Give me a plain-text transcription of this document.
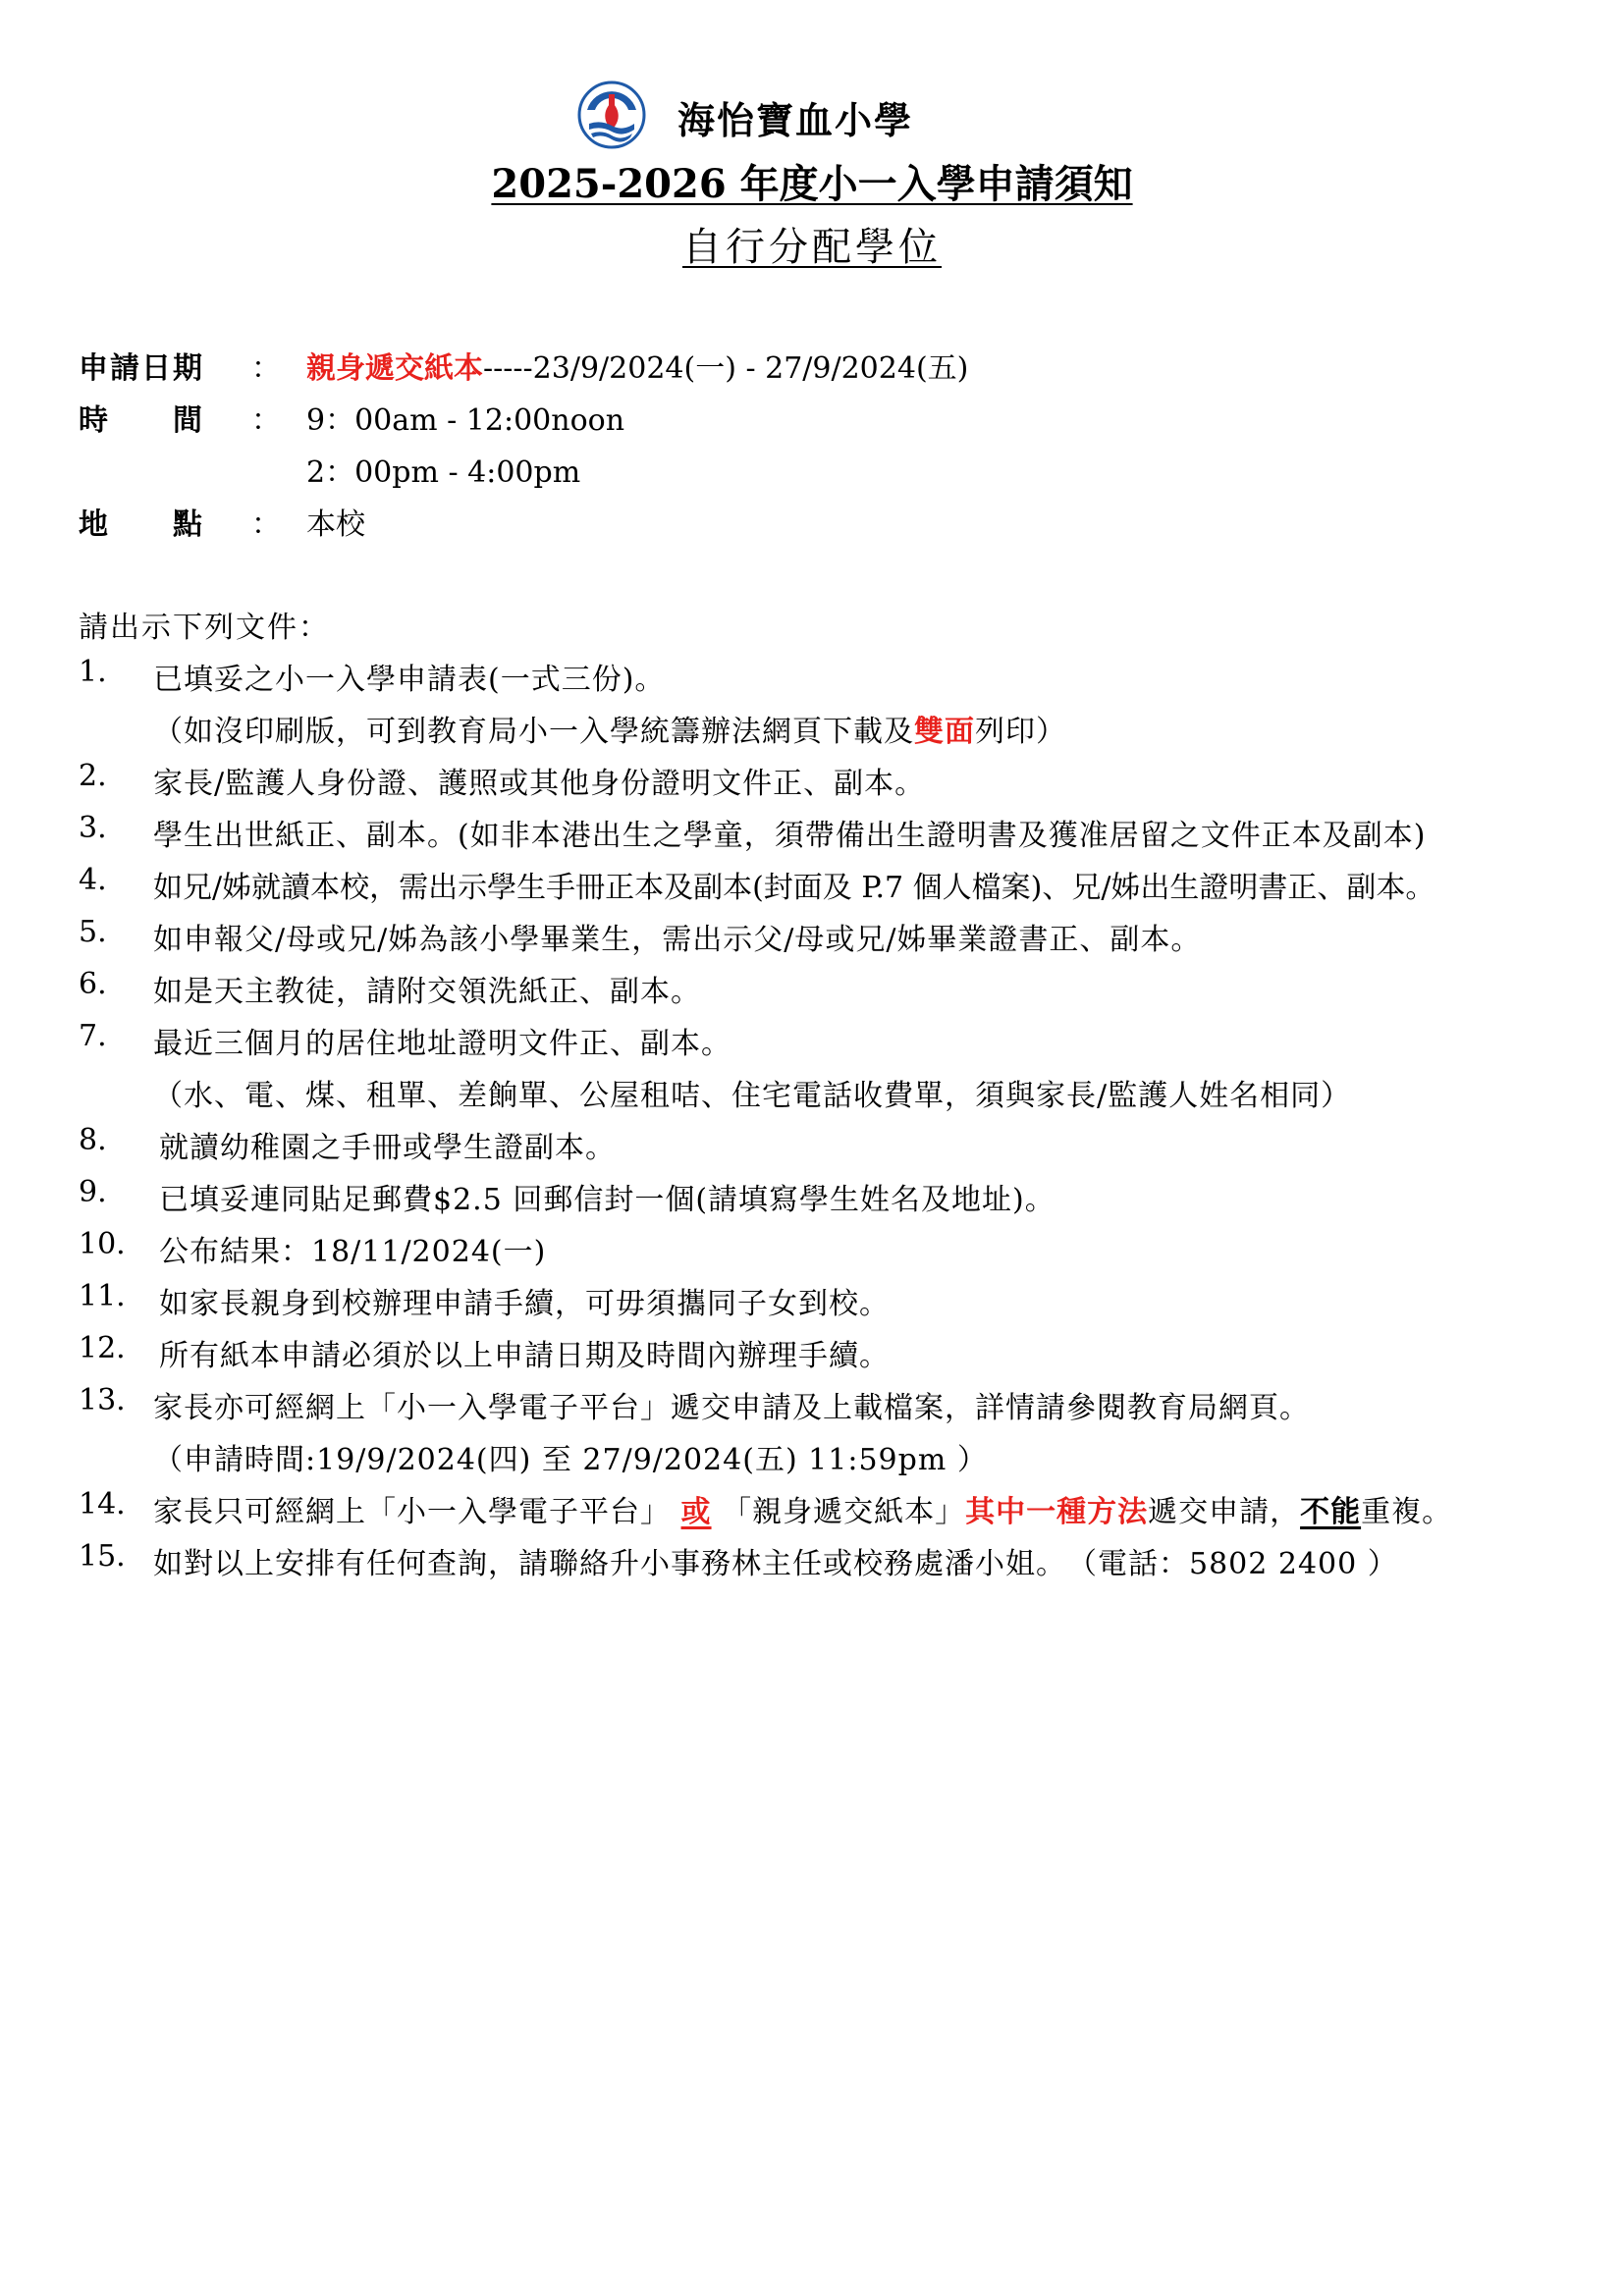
海怡寶血小學
2025-2026 年度小一入學申請須知
自行分配學位
申請日期 ： 親身遞交紙本-----23/9/2024(一) - 27/9/2024(五)
時　　間 ： 9：00am - 12:00noon
2：00pm - 4:00pm
地　　點 ： 本校
請出示下列文件：
1. 已填妥之小一入學申請表(一式三份)。
（如沒印刷版，可到教育局小一入學統籌辦法網頁下載及雙面列印）
2. 家長/監護人身份證、護照或其他身份證明文件正、副本。
3. 學生出世紙正、副本。(如非本港出生之學童，須帶備出生證明書及獲准居留之文件正本及副本)
4. 如兄/姊就讀本校，需出示學生手冊正本及副本(封面及 P.7 個人檔案)、兄/姊出生證明書正、副本。
5. 如申報父/母或兄/姊為該小學畢業生，需出示父/母或兄/姊畢業證書正、副本。
6. 如是天主教徒，請附交領洗紙正、副本。
7. 最近三個月的居住地址證明文件正、副本。
（水、電、煤、租單、差餉單、公屋租咭、住宅電話收費單，須與家長/監護人姓名相同）
8. 就讀幼稚園之手冊或學生證副本。
9. 已填妥連同貼足郵費$2.5 回郵信封一個(請填寫學生姓名及地址)。
10. 公布結果：18/11/2024(一)
11. 如家長親身到校辦理申請手續，可毋須攜同子女到校。
12. 所有紙本申請必須於以上申請日期及時間內辦理手續。
13. 家長亦可經網上「小一入學電子平台」遞交申請及上載檔案，詳情請參閱教育局網頁。
（申請時間:19/9/2024(四) 至 27/9/2024(五) 11:59pm ）
14. 家長只可經網上「小一入學電子平台」 或 「親身遞交紙本」其中一種方法遞交申請，不能重複。
15. 如對以上安排有任何查詢，請聯絡升小事務林主任或校務處潘小姐。　（電話：5802 2400 ）
